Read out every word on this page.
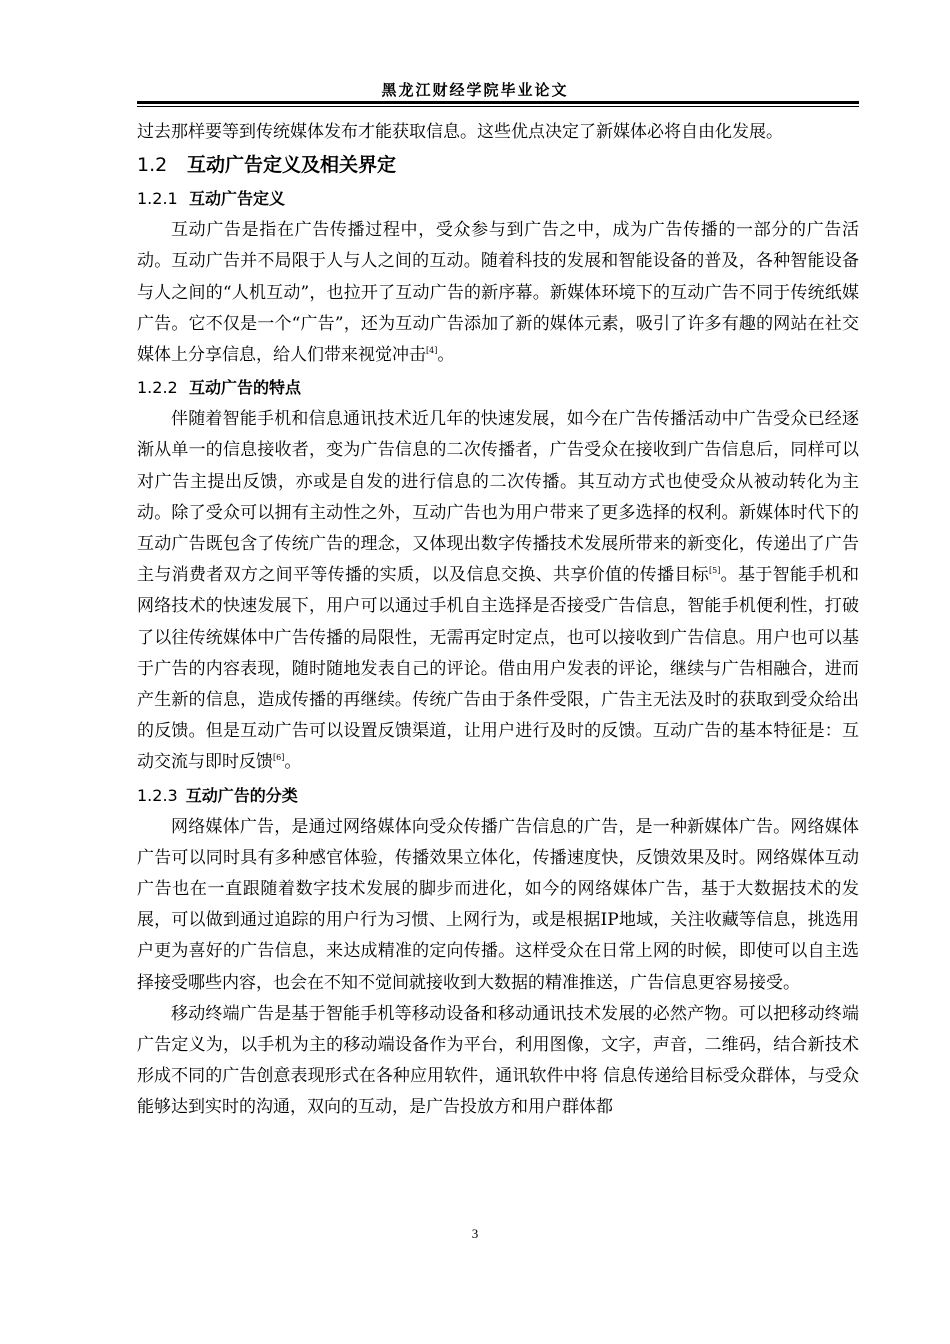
黑龙江财经学院毕业论文

过去那样要等到传统媒体发布才能获取信息。这些优点决定了新媒体必将自由化发展。

1.2 互动广告定义及相关界定
1.2.1 互动广告定义

互动广告是指在广告传播过程中，受众参与到广告之中，成为广告传播的一部分的广告活动。互动广告并不局限于人与人之间的互动。随着科技的发展和智能设备的普及，各种智能设备与人之间的“人机互动”，也拉开了互动广告的新序幕。新媒体环境下的互动广告不同于传统纸媒广告。它不仅是一个“广告”，还为互动广告添加了新的媒体元素，吸引了许多有趣的网站在社交媒体上分享信息，给人们带来视觉冲击[4]。

1.2.2 互动广告的特点

伴随着智能手机和信息通讯技术近几年的快速发展，如今在广告传播活动中广告受众已经逐渐从单一的信息接收者，变为广告信息的二次传播者，广告受众在接收到广告信息后，同样可以对广告主提出反馈，亦或是自发的进行信息的二次传播。其互动方式也使受众从被动转化为主动。除了受众可以拥有主动性之外，互动广告也为用户带来了更多选择的权利。新媒体时代下的互动广告既包含了传统广告的理念，又体现出数字传播技术发展所带来的新变化，传递出了广告主与消费者双方之间平等传播的实质，以及信息交换、共享价值的传播目标[5]。基于智能手机和网络技术的快速发展下，用户可以通过手机自主选择是否接受广告信息，智能手机便利性，打破了以往传统媒体中广告传播的局限性，无需再定时定点，也可以接收到广告信息。用户也可以基于广告的内容表现，随时随地发表自己的评论。借由用户发表的评论，继续与广告相融合，进而产生新的信息，造成传播的再继续。传统广告由于条件受限，广告主无法及时的获取到受众给出的反馈。但是互动广告可以设置反馈渠道，让用户进行及时的反馈。互动广告的基本特征是：互动交流与即时反馈[6]。

1.2.3 互动广告的分类

网络媒体广告，是通过网络媒体向受众传播广告信息的广告，是一种新媒体广告。网络媒体广告可以同时具有多种感官体验，传播效果立体化，传播速度快，反馈效果及时。网络媒体互动广告也在一直跟随着数字技术发展的脚步而进化，如今的网络媒体广告，基于大数据技术的发展，可以做到通过追踪的用户行为习惯、上网行为，或是根据IP地域，关注收藏等信息，挑选用户更为喜好的广告信息，来达成精准的定向传播。这样受众在日常上网的时候，即使可以自主选择接受哪些内容，也会在不知不觉间就接收到大数据的精准推送，广告信息更容易接受。

移动终端广告是基于智能手机等移动设备和移动通讯技术发展的必然产物。可以把移动终端广告定义为，以手机为主的移动端设备作为平台，利用图像，文字，声音，二维码，结合新技术形成不同的广告创意表现形式在各种应用软件，通讯软件中将 信息传递给目标受众群体，与受众能够达到实时的沟通，双向的互动，是广告投放方和用户群体都

3
